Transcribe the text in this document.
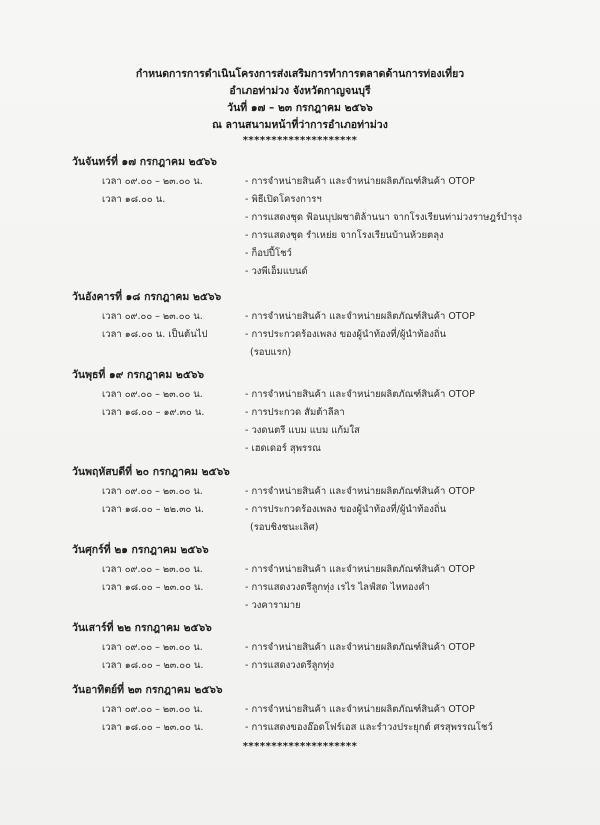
กำหนดการการดำเนินโครงการส่งเสริมการทำการตลาดด้านการท่องเที่ยว
อำเภอท่าม่วง จังหวัดกาญจนบุรี
วันที่ ๑๗ – ๒๓ กรกฎาคม ๒๕๖๖
ณ ลานสนามหน้าที่ว่าการอำเภอท่าม่วง
********************
วันจันทร์ที่ ๑๗ กรกฎาคม ๒๕๖๖
เวลา ๐๙.๐๐ – ๒๓.๐๐ น.
เวลา ๑๘.๐๐ น.
- การจำหน่ายสินค้า และจำหน่ายผลิตภัณฑ์สินค้า OTOP
- พิธีเปิดโครงการฯ
- การแสดงชุด ฟ้อนบุปผชาติล้านนา จากโรงเรียนท่าม่วงราษฎร์บำรุง
- การแสดงชุด รำเหย่ย จากโรงเรียนบ้านห้วยตลุง
- ก็อปปี้โชว์
- วงพีเอ็มแบนด์
วันอังคารที่ ๑๘ กรกฎาคม ๒๕๖๖
เวลา ๐๙.๐๐ – ๒๓.๐๐ น.
เวลา ๑๘.๐๐ น. เป็นต้นไป
- การจำหน่ายสินค้า และจำหน่ายผลิตภัณฑ์สินค้า OTOP
- การประกวดร้องเพลง ของผู้นำท้องที่/ผู้นำท้องถิ่น
(รอบแรก)
วันพุธที่ ๑๙ กรกฎาคม ๒๕๖๖
เวลา ๐๙.๐๐ – ๒๓.๐๐ น.
เวลา ๑๘.๐๐ – ๑๙.๓๐ น.
- การจำหน่ายสินค้า และจำหน่ายผลิตภัณฑ์สินค้า OTOP
- การประกวด สัมต้าลีลา
- วงดนตรี แบม แบม แก้มใส
- เฮดเดอร์ สุพรรณ
วันพฤหัสบดีที่ ๒๐ กรกฎาคม ๒๕๖๖
เวลา ๐๙.๐๐ – ๒๓.๐๐ น.
เวลา ๑๘.๐๐ – ๒๒.๓๐ น.
- การจำหน่ายสินค้า และจำหน่ายผลิตภัณฑ์สินค้า OTOP
- การประกวดร้องเพลง ของผู้นำท้องที่/ผู้นำท้องถิ่น
(รอบชิงชนะเลิศ)
วันศุกร์ที่ ๒๑ กรกฎาคม ๒๕๖๖
เวลา ๐๙.๐๐ – ๒๓.๐๐ น.
เวลา ๑๘.๐๐ – ๒๓.๐๐ น.
- การจำหน่ายสินค้า และจำหน่ายผลิตภัณฑ์สินค้า OTOP
- การแสดงวงดรีลูกทุ่ง เรไร ไลฟ์สด ไหทองคำ
- วงคารามาย
วันเสาร์ที่ ๒๒ กรกฎาคม ๒๕๖๖
เวลา ๐๙.๐๐ – ๒๓.๐๐ น.
เวลา ๑๘.๐๐ – ๒๓.๐๐ น.
- การจำหน่ายสินค้า และจำหน่ายผลิตภัณฑ์สินค้า OTOP
- การแสดงวงดรีลูกทุ่ง
วันอาทิตย์ที่ ๒๓ กรกฎาคม ๒๕๖๖
เวลา ๐๙.๐๐ – ๒๓.๐๐ น.
เวลา ๑๘.๐๐ – ๒๓.๐๐ น.
- การจำหน่ายสินค้า และจำหน่ายผลิตภัณฑ์สินค้า OTOP
- การแสดงของอ๊อดโฟร์เอส และรำวงประยุกต์ ศรสุพรรณโชว์
********************
